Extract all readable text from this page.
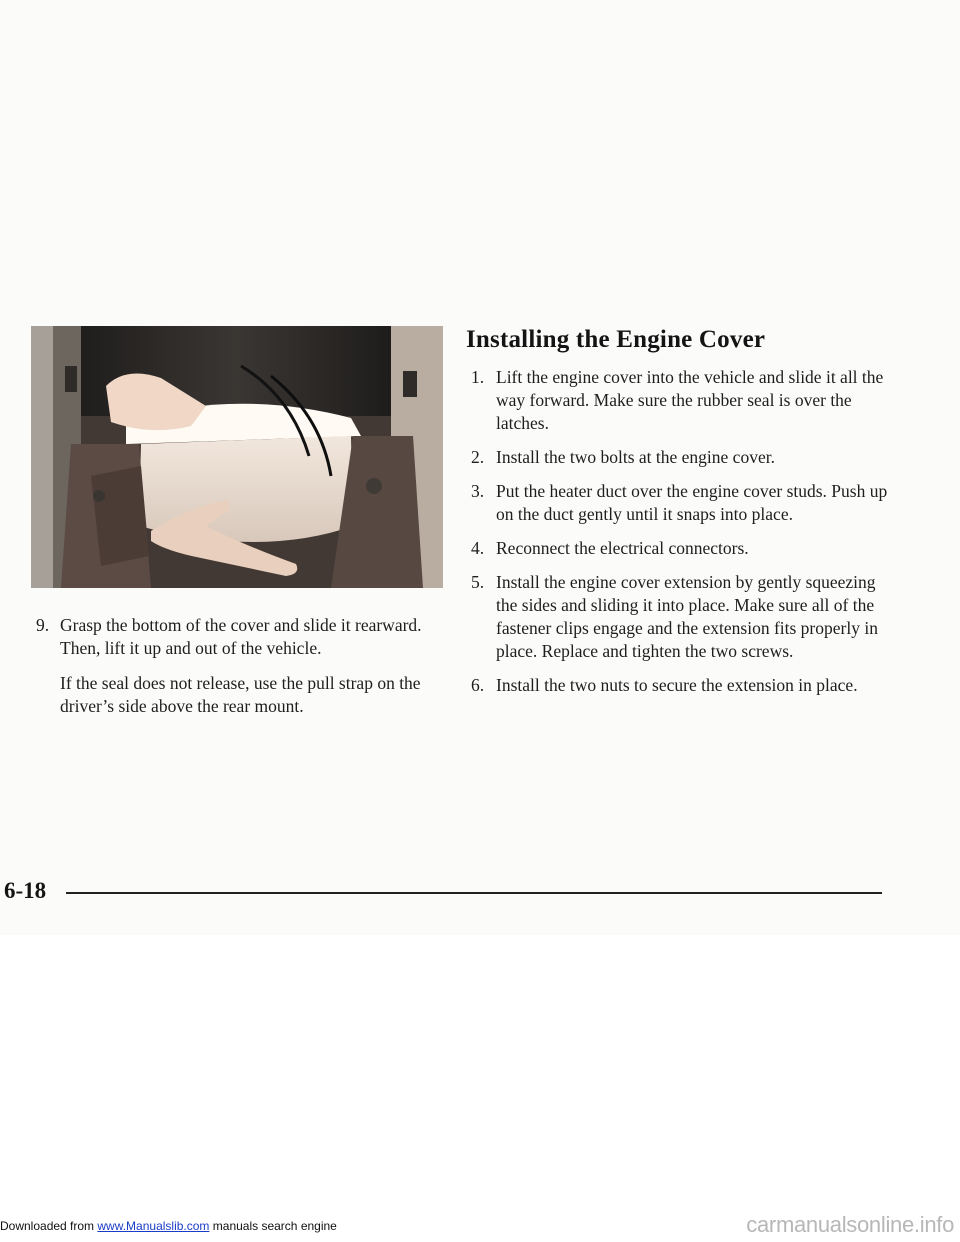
9. Grasp the bottom of the cover and slide it rearward. Then, lift it up and out of the vehicle.
If the seal does not release, use the pull strap on the driver’s side above the rear mount.
Installing the Engine Cover
1. Lift the engine cover into the vehicle and slide it all the way forward. Make sure the rubber seal is over the latches.
2. Install the two bolts at the engine cover.
3. Put the heater duct over the engine cover studs. Push up on the duct gently until it snaps into place.
4. Reconnect the electrical connectors.
5. Install the engine cover extension by gently squeezing the sides and sliding it into place. Make sure all of the fastener clips engage and the extension fits properly in place. Replace and tighten the two screws.
6. Install the two nuts to secure the extension in place.
6-18
Downloaded from www.Manualslib.com manuals search engine	carmanualsonline.info
